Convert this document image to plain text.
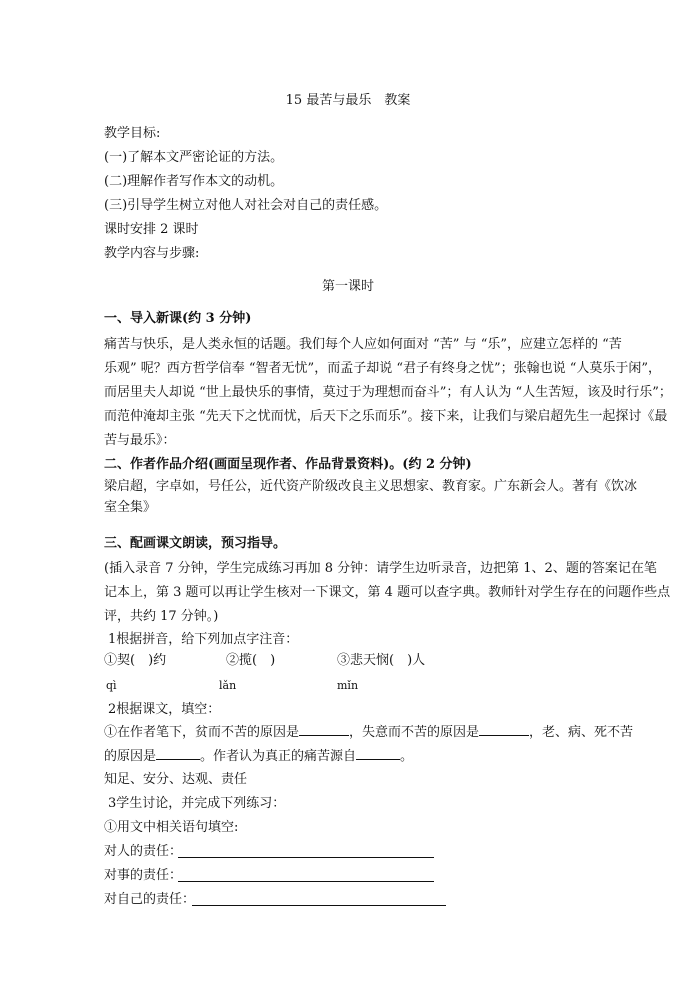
15 最苦与最乐　教案
教学目标:
(一)了解本文严密论证的方法。
(二)理解作者写作本文的动机。
(三)引导学生树立对他人对社会对自己的责任感。
课时安排 2 课时
教学内容与步骤:
第一课时
一、导入新课(约 3 分钟)
痛苦与快乐，是人类永恒的话题。我们每个人应如何面对 “苦” 与 “乐”，应建立怎样的 “苦
乐观” 呢？西方哲学信奉 “智者无忧”，而孟子却说 “君子有终身之忧”；张翰也说 “人莫乐于闲”，
而居里夫人却说 “世上最快乐的事情，莫过于为理想而奋斗”；有人认为 “人生苦短，该及时行乐”；
而范仲淹却主张 “先天下之忧而忧，后天下之乐而乐”。接下来，让我们与梁启超先生一起探讨《最
苦与最乐》：
二、作者作品介绍(画面呈现作者、作品背景资料)。(约 2 分钟)
梁启超，字卓如，号任公，近代资产阶级改良主义思想家、教育家。广东新会人。著有《饮冰
室全集》
三、配画课文朗读，预习指导。
(插入录音 7 分钟，学生完成练习再加 8 分钟：请学生边听录音，边把第 1、2、题的答案记在笔
记本上，第 3 题可以再让学生核对一下课文，第 4 题可以查字典。教师针对学生存在的问题作些点
评，共约 17 分钟。)
1根据拼音，给下列加点字注音：
①契(　)约	②揽(　)	③悲天悯(　)人
qì	lǎn	mǐn
2根据课文，填空：
①在作者笔下，贫而不苦的原因是	，失意而不苦的原因是	，老、病、死不苦
的原因是	。作者认为真正的痛苦源自	。
知足、安分、达观、责任
3学生讨论，并完成下列练习：
①用文中相关语句填空:
对人的责任：
对事的责任：
对自己的责任：
